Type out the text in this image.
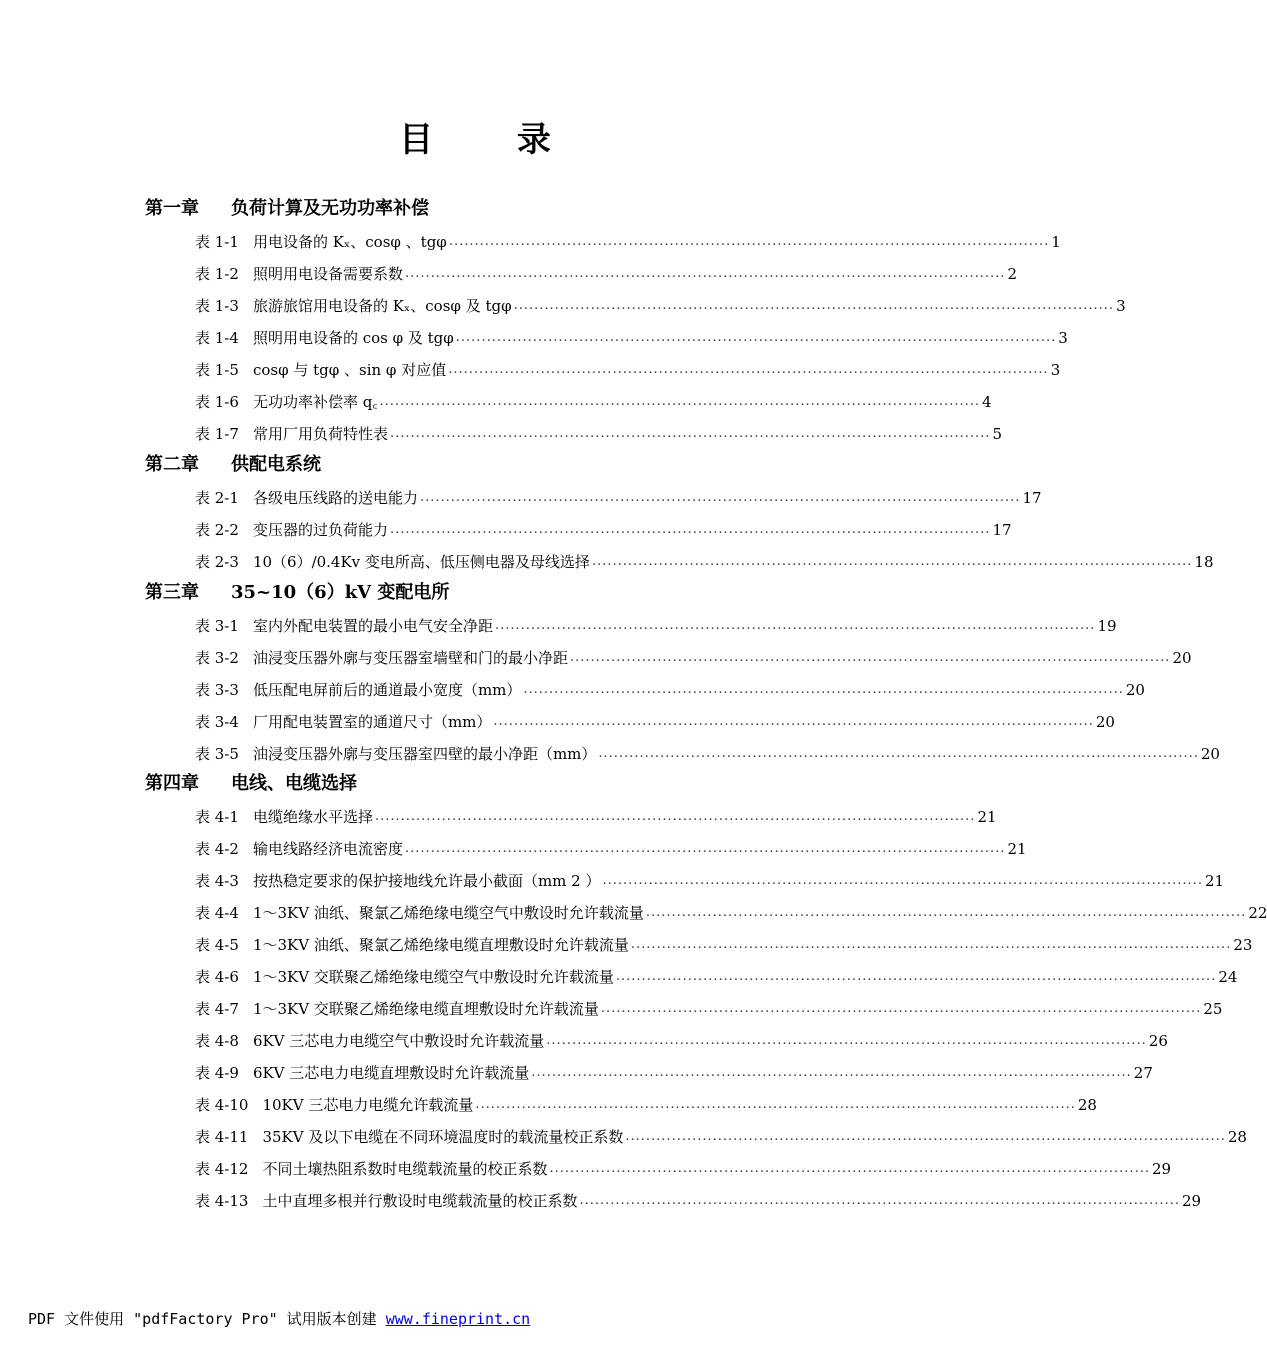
目 录
第一章 负荷计算及无功功率补偿
表 1-1 用电设备的 Kₓ、cosφ 、tgφ ..................................................................................................................... 1
表 1-2 照明用电设备需要系数 ..................................................................................................................... 2
表 1-3 旅游旅馆用电设备的 Kₓ、cosφ 及 tgφ ..................................................................................................................... 3
表 1-4 照明用电设备的 cos φ 及 tgφ ..................................................................................................................... 3
表 1-5 cosφ 与 tgφ 、sin φ 对应值 ..................................................................................................................... 3
表 1-6 无功功率补偿率 q꜀ ..................................................................................................................... 4
表 1-7 常用厂用负荷特性表 ..................................................................................................................... 5
第二章 供配电系统
表 2-1 各级电压线路的送电能力 ..................................................................................................................... 17
表 2-2 变压器的过负荷能力 ..................................................................................................................... 17
表 2-3 10（6）/0.4Kv 变电所高、低压侧电器及母线选择 ..................................................................................................................... 18
第三章 35~10（6）kV 变配电所
表 3-1 室内外配电装置的最小电气安全净距 ..................................................................................................................... 19
表 3-2 油浸变压器外廓与变压器室墙壁和门的最小净距 ..................................................................................................................... 20
表 3-3 低压配电屏前后的通道最小宽度（mm） ..................................................................................................................... 20
表 3-4 厂用配电装置室的通道尺寸（mm） ..................................................................................................................... 20
表 3-5 油浸变压器外廓与变压器室四壁的最小净距（mm） ..................................................................................................................... 20
第四章 电线、电缆选择
表 4-1 电缆绝缘水平选择 ..................................................................................................................... 21
表 4-2 输电线路经济电流密度 ..................................................................................................................... 21
表 4-3 按热稳定要求的保护接地线允许最小截面（mm 2 ） ..................................................................................................................... 21
表 4-4 1～3KV 油纸、聚氯乙烯绝缘电缆空气中敷设时允许载流量 ..................................................................................................................... 22
表 4-5 1～3KV 油纸、聚氯乙烯绝缘电缆直埋敷设时允许载流量 ..................................................................................................................... 23
表 4-6 1～3KV 交联聚乙烯绝缘电缆空气中敷设时允许载流量 ..................................................................................................................... 24
表 4-7 1～3KV 交联聚乙烯绝缘电缆直埋敷设时允许载流量 ..................................................................................................................... 25
表 4-8 6KV 三芯电力电缆空气中敷设时允许载流量 ..................................................................................................................... 26
表 4-9 6KV 三芯电力电缆直埋敷设时允许载流量 ..................................................................................................................... 27
表 4-10 10KV 三芯电力电缆允许载流量 ..................................................................................................................... 28
表 4-11 35KV 及以下电缆在不同环境温度时的载流量校正系数 ..................................................................................................................... 28
表 4-12 不同土壤热阻系数时电缆载流量的校正系数 ..................................................................................................................... 29
表 4-13 土中直埋多根并行敷设时电缆载流量的校正系数 ..................................................................................................................... 29
PDF 文件使用 "pdfFactory Pro" 试用版本创建 www.fineprint.cn
